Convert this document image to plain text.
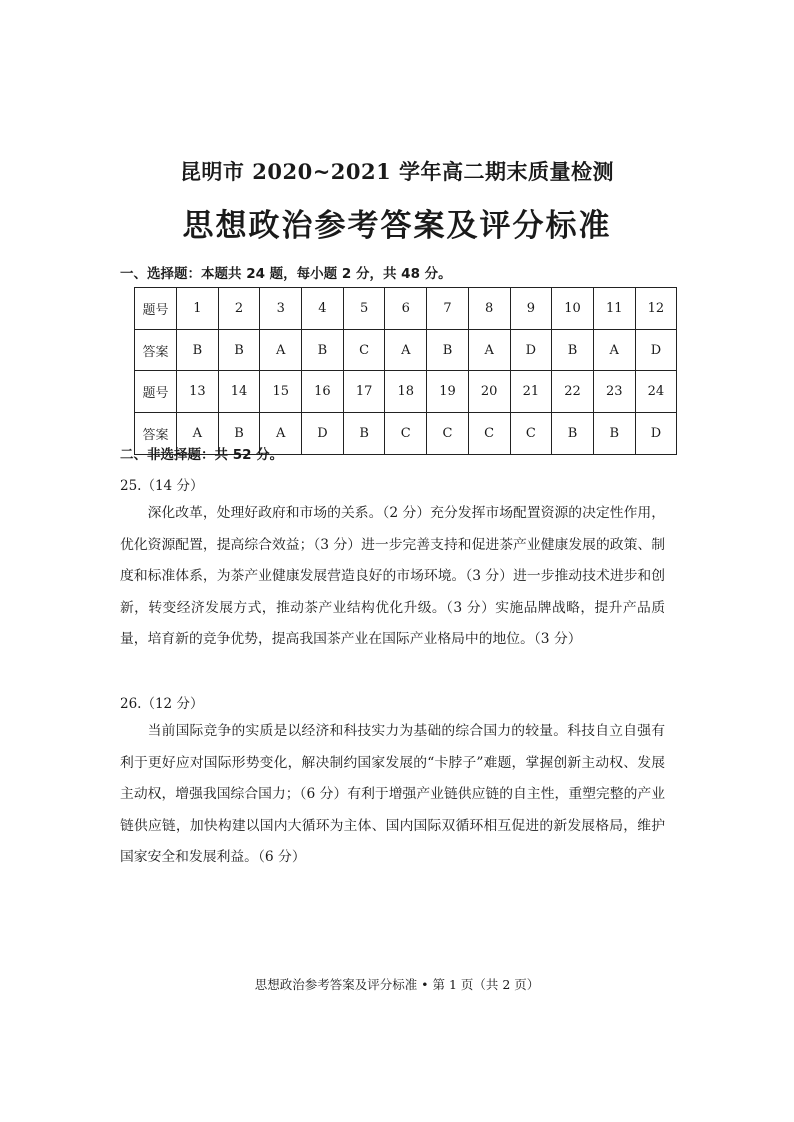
昆明市 2020~2021 学年高二期末质量检测
思想政治参考答案及评分标准
一、选择题：本题共 24 题，每小题 2 分，共 48 分。
题号	1	2	3	4	5	6	7	8	9	10	11	12
答案	B	B	A	B	C	A	B	A	D	B	A	D
题号	13	14	15	16	17	18	19	20	21	22	23	24
答案	A	B	A	D	B	C	C	C	C	B	B	D
二、非选择题：共 52 分。
25.（14 分）

深化改革，处理好政府和市场的关系。（2 分）充分发挥市场配置资源的决定性作用，优化资源配置，提高综合效益；（3 分）进一步完善支持和促进茶产业健康发展的政策、制度和标准体系，为茶产业健康发展营造良好的市场环境。（3 分）进一步推动技术进步和创新，转变经济发展方式，推动茶产业结构优化升级。（3 分）实施品牌战略，提升产品质量，培育新的竞争优势，提高我国茶产业在国际产业格局中的地位。（3 分）

26.（12 分）

当前国际竞争的实质是以经济和科技实力为基础的综合国力的较量。科技自立自强有利于更好应对国际形势变化，解决制约国家发展的“卡脖子”难题，掌握创新主动权、发展主动权，增强我国综合国力；（6 分）有利于增强产业链供应链的自主性，重塑完整的产业链供应链，加快构建以国内大循环为主体、国内国际双循环相互促进的新发展格局，维护国家安全和发展利益。（6 分）

思想政治参考答案及评分标准 • 第 1 页（共 2 页）
